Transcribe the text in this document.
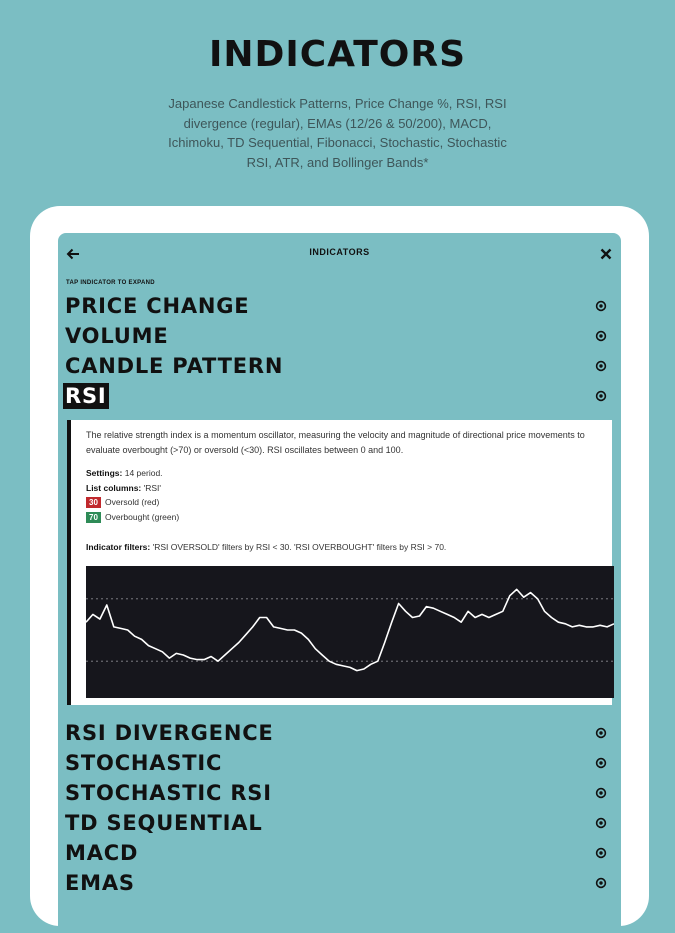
INDICATORS
Japanese Candlestick Patterns, Price Change %, RSI, RSI divergence (regular), EMAs (12/26 & 50/200), MACD, Ichimoku, TD Sequential, Fibonacci, Stochastic, Stochastic RSI, ATR, and Bollinger Bands*
INDICATORS
TAP INDICATOR TO EXPAND
PRICE CHANGE
VOLUME
CANDLE PATTERN
RSI
The relative strength index is a momentum oscillator, measuring the velocity and magnitude of directional price movements to evaluate overbought (>70) or oversold (<30). RSI oscillates between 0 and 100.
Settings: 14 period.
List columns: 'RSI'
30 Oversold (red)
70 Overbought (green)
Indicator filters: 'RSI OVERSOLD' filters by RSI < 30. 'RSI OVERBOUGHT' filters by RSI > 70.
RSI DIVERGENCE
STOCHASTIC
STOCHASTIC RSI
TD SEQUENTIAL
MACD
EMAS
